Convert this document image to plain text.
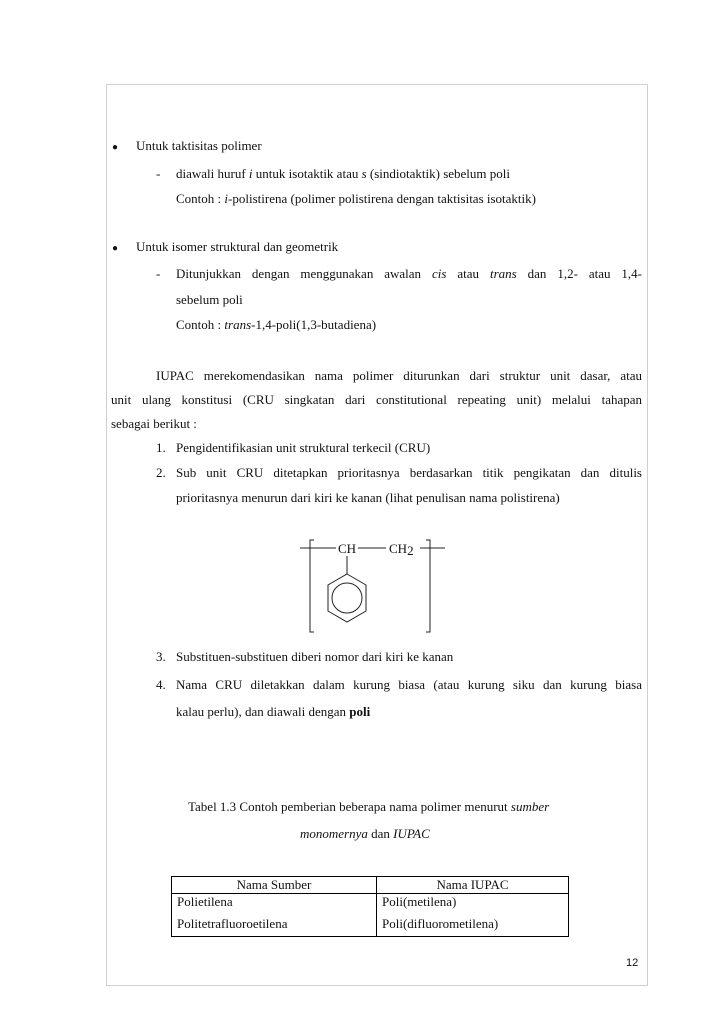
● Untuk taktisitas polimer
- diawali huruf i untuk isotaktik atau s (sindiotaktik) sebelum poli
Contoh : i-polistirena (polimer polistirena dengan taktisitas isotaktik)
● Untuk isomer struktural dan geometrik
- Ditunjukkan dengan menggunakan awalan cis atau trans dan 1,2- atau 1,4-
sebelum poli
Contoh : trans-1,4-poli(1,3-butadiena)
IUPAC merekomendasikan nama polimer diturunkan dari struktur unit dasar, atau
unit ulang konstitusi (CRU singkatan dari constitutional repeating unit) melalui tahapan
sebagai berikut :
1. Pengidentifikasian unit struktural terkecil (CRU)
2. Sub unit CRU ditetapkan prioritasnya berdasarkan titik pengikatan dan ditulis
prioritasnya menurun dari kiri ke kanan (lihat penulisan nama polistirena)
CH	CH2
3. Substituen-substituen diberi nomor dari kiri ke kanan
4. Nama CRU diletakkan dalam kurung biasa (atau kurung siku dan kurung biasa
kalau perlu), dan diawali dengan poli
Tabel 1.3 Contoh pemberian beberapa nama polimer menurut sumber
monomernya dan IUPAC
Nama Sumber	Nama IUPAC
Polietilena	Poli(metilena)
Politetrafluoroetilena	Poli(difluorometilena)
12
